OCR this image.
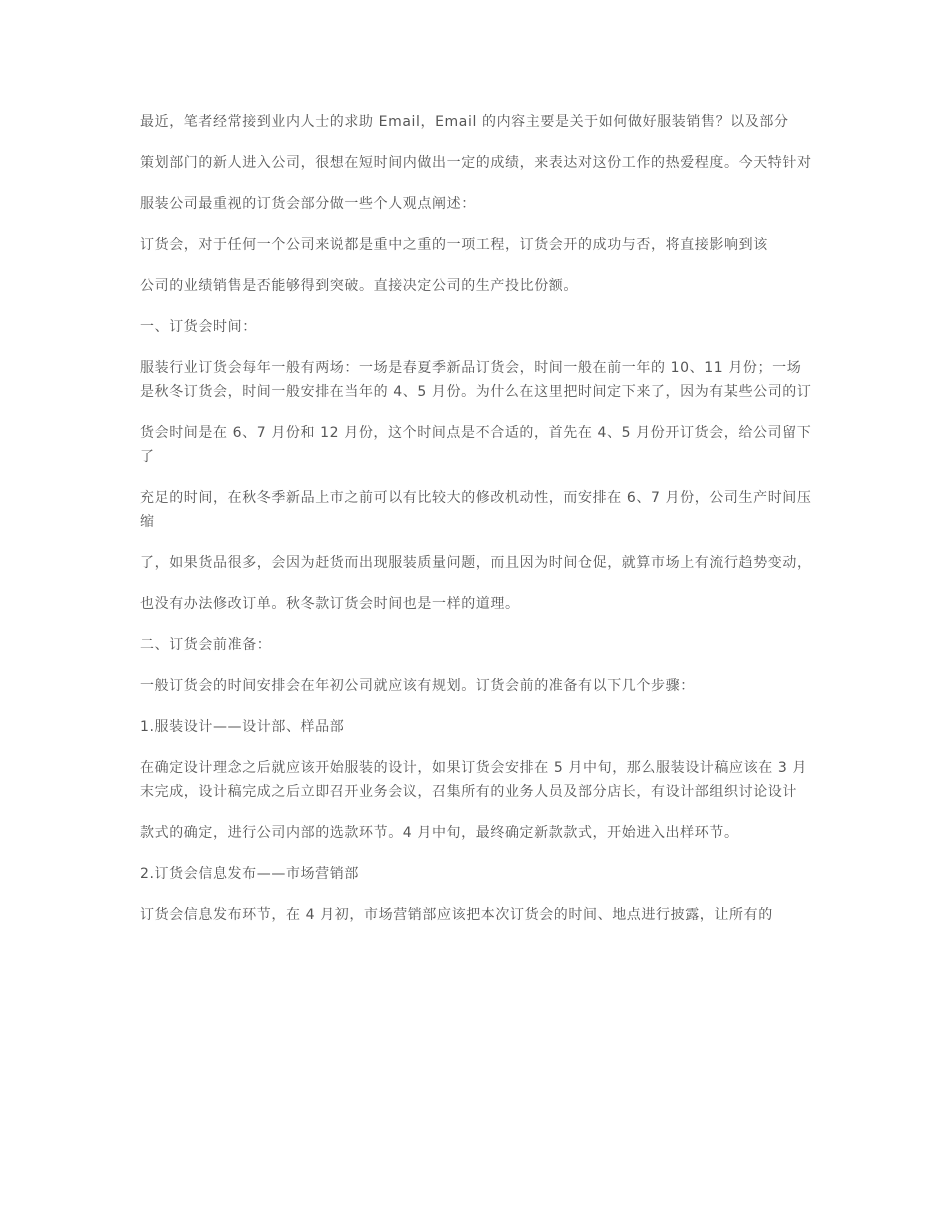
最近，笔者经常接到业内人士的求助 Email，Email 的内容主要是关于如何做好服装销售？以及部分

策划部门的新人进入公司，很想在短时间内做出一定的成绩，来表达对这份工作的热爱程度。今天特针对

服装公司最重视的订货会部分做一些个人观点阐述：

订货会，对于任何一个公司来说都是重中之重的一项工程，订货会开的成功与否，将直接影响到该

公司的业绩销售是否能够得到突破。直接决定公司的生产投比份额。

一、订货会时间：

服装行业订货会每年一般有两场：一场是春夏季新品订货会，时间一般在前一年的 10、11 月份；一场是秋冬订货会，时间一般安排在当年的 4、5 月份。为什么在这里把时间定下来了，因为有某些公司的订

货会时间是在 6、7 月份和 12 月份，这个时间点是不合适的，首先在 4、5 月份开订货会，给公司留下了

充足的时间，在秋冬季新品上市之前可以有比较大的修改机动性，而安排在 6、7 月份，公司生产时间压缩

了，如果货品很多，会因为赶货而出现服装质量问题，而且因为时间仓促，就算市场上有流行趋势变动，

也没有办法修改订单。秋冬款订货会时间也是一样的道理。

二、订货会前准备：

一般订货会的时间安排会在年初公司就应该有规划。订货会前的准备有以下几个步骤：

1.服装设计——设计部、样品部

在确定设计理念之后就应该开始服装的设计，如果订货会安排在 5 月中旬，那么服装设计稿应该在 3 月末完成，设计稿完成之后立即召开业务会议，召集所有的业务人员及部分店长，有设计部组织讨论设计

款式的确定，进行公司内部的选款环节。4 月中旬，最终确定新款款式，开始进入出样环节。

2.订货会信息发布——市场营销部

订货会信息发布环节，在 4 月初，市场营销部应该把本次订货会的时间、地点进行披露，让所有的
